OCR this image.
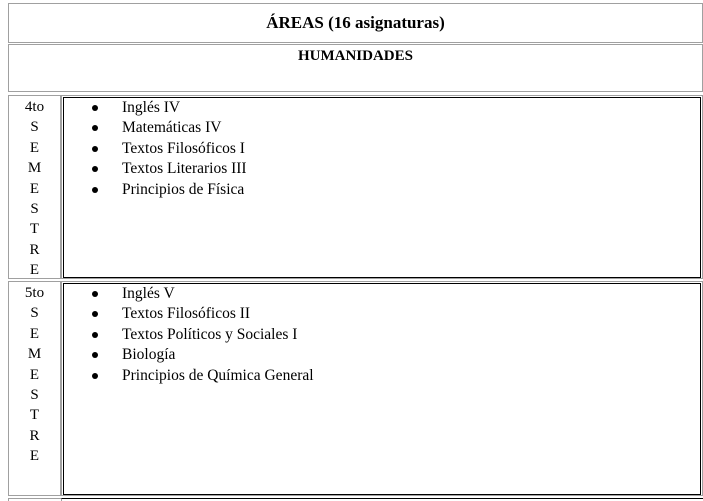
ÁREAS (16 asignaturas)
HUMANIDADES
4to
S
E
M
E
S
T
R
E
Inglés IV
Matemáticas IV
Textos Filosóficos I
Textos Literarios III
Principios de Física
5to
S
E
M
E
S
T
R
E
Inglés V
Textos Filosóficos II
Textos Políticos y Sociales I
Biología
Principios de Química General
